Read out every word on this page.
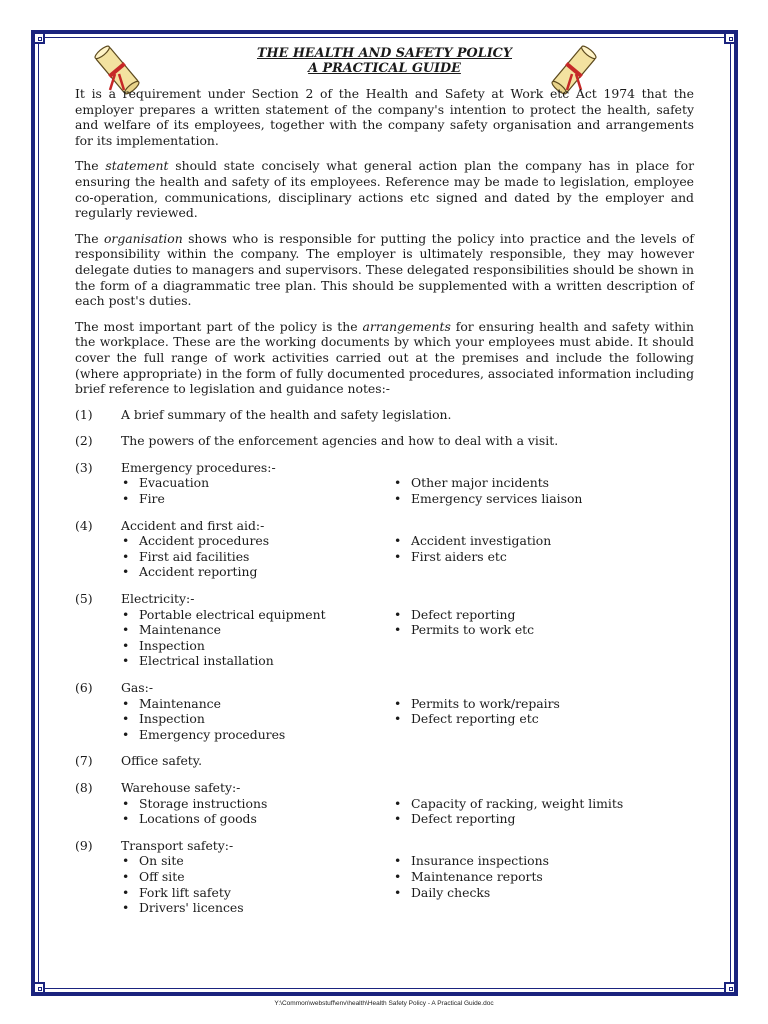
THE HEALTH AND SAFETY POLICY
A PRACTICAL GUIDE

It is a requirement under Section 2 of the Health and Safety at Work etc Act 1974 that the employer prepares a written statement of the company's intention to protect the health, safety and welfare of its employees, together with the company safety organisation and arrangements for its implementation.

The statement should state concisely what general action plan the company has in place for ensuring the health and safety of its employees. Reference may be made to legislation, employee co-operation, communications, disciplinary actions etc signed and dated by the employer and regularly reviewed.

The organisation shows who is responsible for putting the policy into practice and the levels of responsibility within the company. The employer is ultimately responsible, they may however delegate duties to managers and supervisors. These delegated responsibilities should be shown in the form of a diagrammatic tree plan. This should be supplemented with a written description of each post's duties.

The most important part of the policy is the arrangements for ensuring health and safety within the workplace. These are the working documents by which your employees must abide. It should cover the full range of work activities carried out at the premises and include the following (where appropriate) in the form of fully documented procedures, associated information including brief reference to legislation and guidance notes:-

(1) A brief summary of the health and safety legislation.
(2) The powers of the enforcement agencies and how to deal with a visit.
(3) Emergency procedures:-
• Evacuation
• Fire
• Other major incidents
• Emergency services liaison
(4) Accident and first aid:-
• Accident procedures
• First aid facilities
• Accident reporting
• Accident investigation
• First aiders etc
(5) Electricity:-
• Portable electrical equipment
• Maintenance
• Inspection
• Electrical installation
• Defect reporting
• Permits to work etc
(6) Gas:-
• Maintenance
• Inspection
• Emergency procedures
• Permits to work/repairs
• Defect reporting etc
(7) Office safety.
(8) Warehouse safety:-
• Storage instructions
• Locations of goods
• Capacity of racking, weight limits
• Defect reporting
(9) Transport safety:-
• On site
• Off site
• Fork lift safety
• Drivers' licences
• Insurance inspections
• Maintenance reports
• Daily checks
Y:\Common\webstuff\env\health\Health Safety Policy - A Practical Guide.doc
